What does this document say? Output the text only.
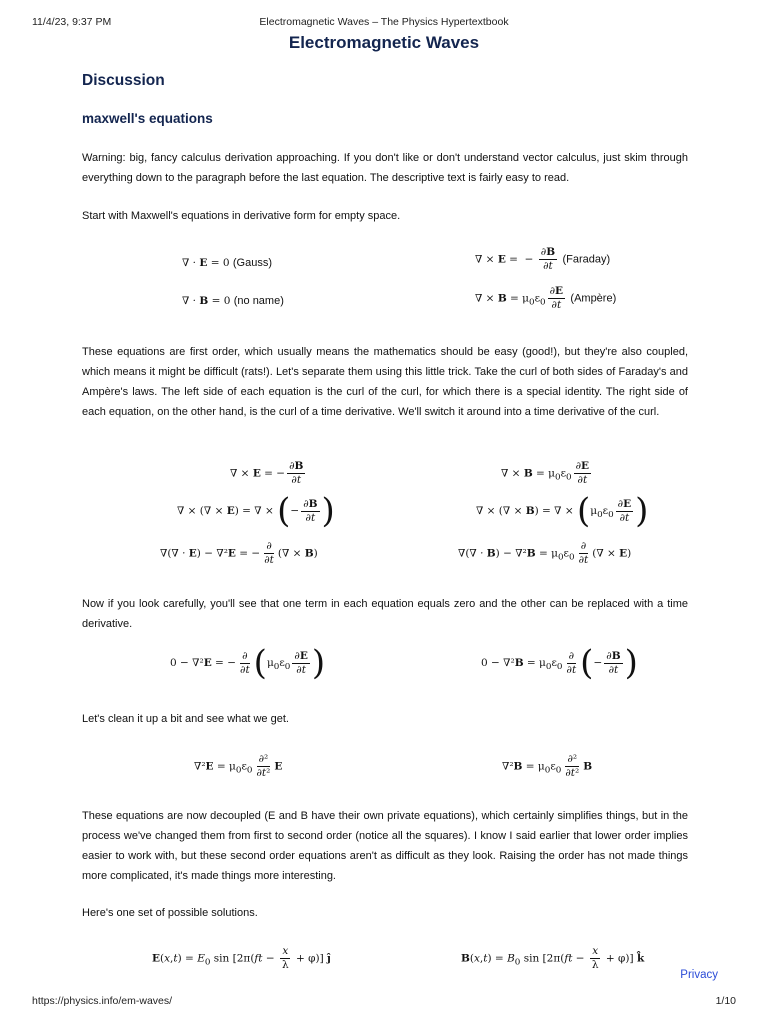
11/4/23, 9:37 PM	Electromagnetic Waves – The Physics Hypertextbook
Electromagnetic Waves
Discussion
maxwell's equations
Warning: big, fancy calculus derivation approaching. If you don't like or don't understand vector calculus, just skim through everything down to the paragraph before the last equation. The descriptive text is fairly easy to read.
Start with Maxwell's equations in derivative form for empty space.
∇ · E = 0 (Gauss)	∇ × E =  − $\frac{\partial B}{\partial t}$ (Faraday)
∇ · B = 0 (no name)	∇ × $B = \mu_0\varepsilon_0 \frac{\partial E}{\partial t}$ (Ampère)
These equations are first order, which usually means the mathematics should be easy (good!), but they're also coupled, which means it might be difficult (rats!). Let's separate them using this little trick. Take the curl of both sides of Faraday's and Ampère's laws. The left side of each equation is the curl of the curl, for which there is a special identity. The right side of each equation, on the other hand, is the curl of a time derivative. We'll switch it around into a time derivative of the curl.
∇ × E = − $\frac{\partial B}{\partial t}$
∇ × (∇ × E) = ∇ × (− $\frac{\partial B}{\partial t}$ )
∇(∇ · E) − ∇²E = − $\frac{\partial}{\partial t}$ (∇ × B)
∇ × $B = \mu_0\varepsilon_0 \frac{\partial E}{\partial t}$
∇ × (∇ × B) = ∇ × ($\mu_0\varepsilon_0 \frac{\partial E}{\partial t}$ )
∇(∇ · $B) - \nabla^2B = \mu_0\varepsilon_0 \frac{\partial}{\partial t}$ (∇ × E)
Now if you look carefully, you'll see that one term in each equation equals zero and the other can be replaced with a time derivative.
0 − ∇²E = − $\frac{\partial}{\partial t} (\mu_0\varepsilon_0 \frac{\partial E}{\partial t}$ )	$0 - \nabla^2B = \mu_0\varepsilon_0 \frac{\partial}{\partial t}$ (− $\frac{\partial B}{\partial t}$ )
Let's clean it up a bit and see what we get.
$\nabla^2E = \mu_0\varepsilon_0 \frac{\text{∂²}}{\text{∂t²}}$ E	$\nabla^2B = \mu_0\varepsilon_0 \frac{\text{∂²}}{\text{∂t²}}$ B
These equations are now decoupled (E and B have their own private equations), which certainly simplifies things, but in the process we've changed them from first to second order (notice all the squares). I know I said earlier that lower order implies easier to work with, but these second order equations aren't as difficult as they look. Raising the order has not made things more complicated, it's made things more interesting.
Here's one set of possible solutions.
$E(x,t) = E_0$ $\sin [2\pi(ft - \frac{x}{\lambda} + \varphi)]$ ĵ	$B(x,t) = B_0$ $\sin [2\pi(ft - \frac{x}{\lambda} + \varphi)]$ k̂
Privacy
https://physics.info/em-waves/	1/10
